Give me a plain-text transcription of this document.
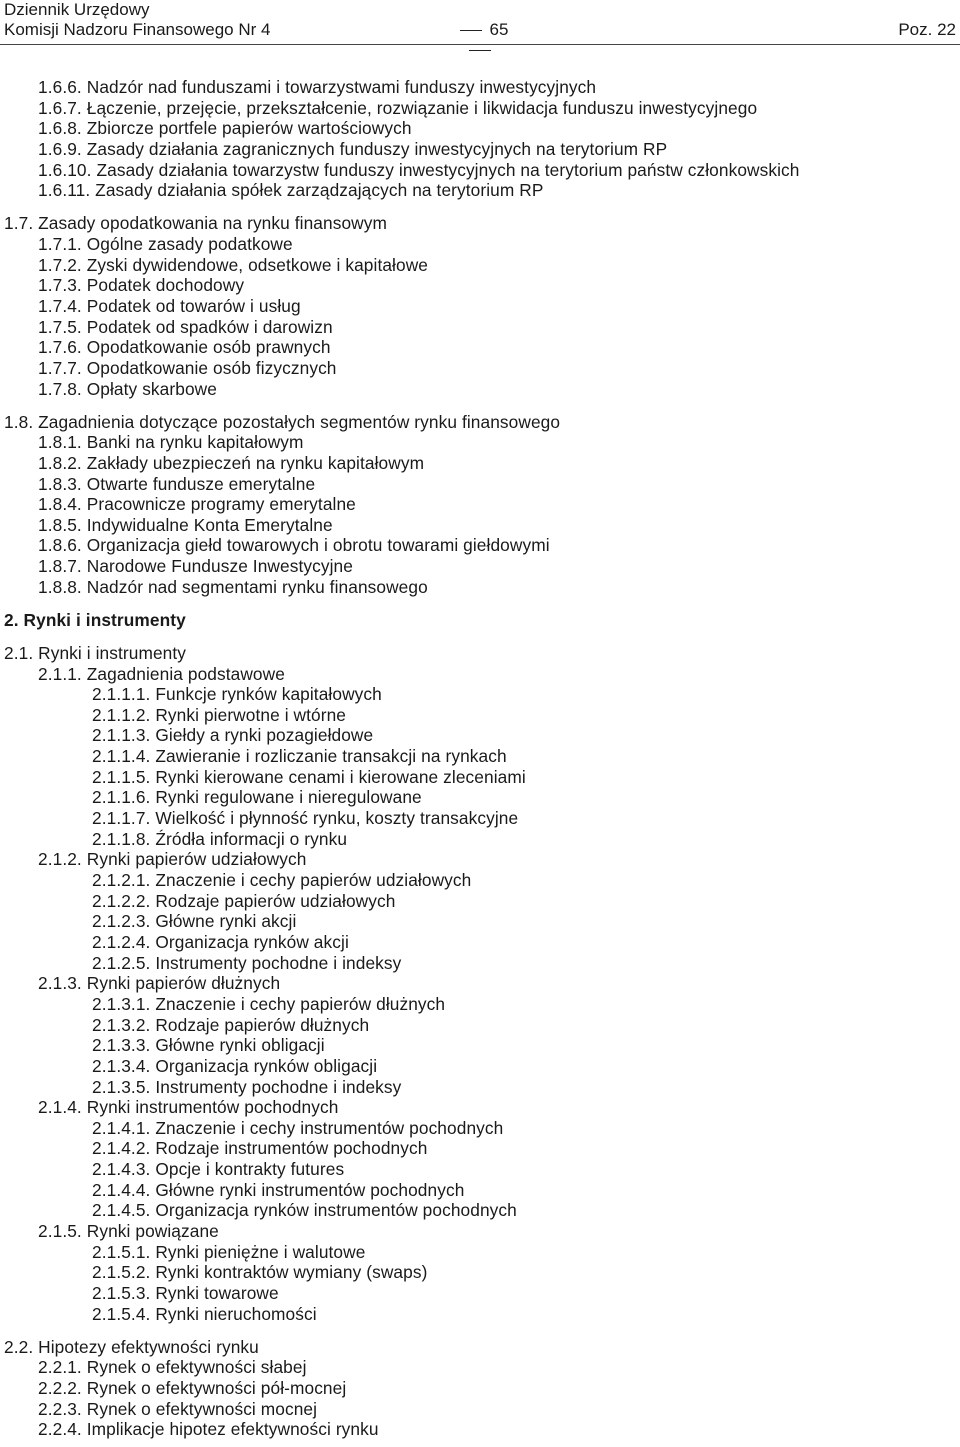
Dziennik Urzędowy
Komisji Nadzoru Finansowego Nr 4	65	Poz. 22
1.6.6. Nadzór nad funduszami i towarzystwami funduszy inwestycyjnych
1.6.7. Łączenie, przejęcie, przekształcenie, rozwiązanie i likwidacja funduszu inwestycyjnego
1.6.8. Zbiorcze portfele papierów wartościowych
1.6.9. Zasady działania zagranicznych funduszy inwestycyjnych na terytorium RP
1.6.10. Zasady działania towarzystw funduszy inwestycyjnych na terytorium państw członkowskich
1.6.11. Zasady działania spółek zarządzających na terytorium RP
1.7. Zasady opodatkowania na rynku finansowym
1.7.1. Ogólne zasady podatkowe
1.7.2. Zyski dywidendowe, odsetkowe i kapitałowe
1.7.3. Podatek dochodowy
1.7.4. Podatek od towarów i usług
1.7.5. Podatek od spadków i darowizn
1.7.6. Opodatkowanie osób prawnych
1.7.7. Opodatkowanie osób fizycznych
1.7.8. Opłaty skarbowe
1.8. Zagadnienia dotyczące pozostałych segmentów rynku finansowego
1.8.1. Banki na rynku kapitałowym
1.8.2. Zakłady ubezpieczeń na rynku kapitałowym
1.8.3. Otwarte fundusze emerytalne
1.8.4. Pracownicze programy emerytalne
1.8.5. Indywidualne Konta Emerytalne
1.8.6. Organizacja giełd towarowych i obrotu towarami giełdowymi
1.8.7. Narodowe Fundusze Inwestycyjne
1.8.8. Nadzór nad segmentami rynku finansowego
2. Rynki i instrumenty
2.1. Rynki i instrumenty
2.1.1. Zagadnienia podstawowe
2.1.1.1. Funkcje rynków kapitałowych
2.1.1.2. Rynki pierwotne i wtórne
2.1.1.3. Giełdy a rynki pozagiełdowe
2.1.1.4. Zawieranie i rozliczanie transakcji na rynkach
2.1.1.5. Rynki kierowane cenami i kierowane zleceniami
2.1.1.6. Rynki regulowane i nieregulowane
2.1.1.7. Wielkość i płynność rynku, koszty transakcyjne
2.1.1.8. Źródła informacji o rynku
2.1.2. Rynki papierów udziałowych
2.1.2.1. Znaczenie i cechy papierów udziałowych
2.1.2.2. Rodzaje papierów udziałowych
2.1.2.3. Główne rynki akcji
2.1.2.4. Organizacja rynków akcji
2.1.2.5. Instrumenty pochodne i indeksy
2.1.3. Rynki papierów dłużnych
2.1.3.1. Znaczenie i cechy papierów dłużnych
2.1.3.2. Rodzaje papierów dłużnych
2.1.3.3. Główne rynki obligacji
2.1.3.4. Organizacja rynków obligacji
2.1.3.5. Instrumenty pochodne i indeksy
2.1.4. Rynki instrumentów pochodnych
2.1.4.1. Znaczenie i cechy instrumentów pochodnych
2.1.4.2. Rodzaje instrumentów pochodnych
2.1.4.3. Opcje i kontrakty futures
2.1.4.4. Główne rynki instrumentów pochodnych
2.1.4.5. Organizacja rynków instrumentów pochodnych
2.1.5. Rynki powiązane
2.1.5.1. Rynki pieniężne i walutowe
2.1.5.2. Rynki kontraktów wymiany (swaps)
2.1.5.3. Rynki towarowe
2.1.5.4. Rynki nieruchomości
2.2. Hipotezy efektywności rynku
2.2.1. Rynek o efektywności słabej
2.2.2. Rynek o efektywności pół-mocnej
2.2.3. Rynek o efektywności mocnej
2.2.4. Implikacje hipotez efektywności rynku
